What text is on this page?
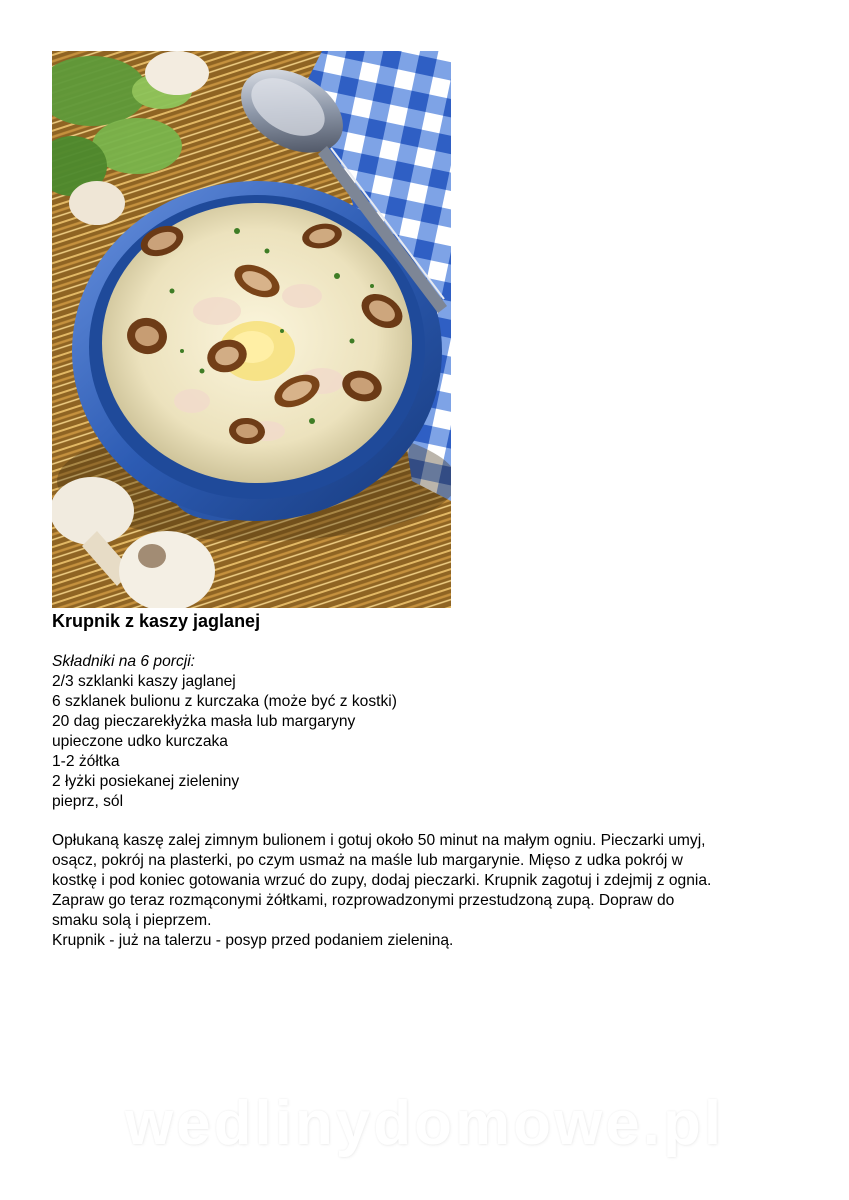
Krupnik z kaszy jaglanej
Składniki na 6 porcji:
2/3 szklanki kaszy jaglanej
6 szklanek bulionu z kurczaka (może być z kostki)
20 dag pieczarekłyżka masła lub margaryny
upieczone udko kurczaka
1-2 żółtka
2 łyżki posiekanej zieleniny
pieprz, sól
Opłukaną kaszę zalej zimnym bulionem i gotuj około 50 minut na małym ogniu. Pieczarki umyj,
osącz, pokrój na plasterki, po czym usmaż na maśle lub margarynie. Mięso z udka pokrój w
kostkę i pod koniec gotowania wrzuć do zupy, dodaj pieczarki. Krupnik zagotuj i zdejmij z ognia.
Zapraw go teraz rozmąconymi żółtkami, rozprowadzonymi przestudzoną zupą. Dopraw do
smaku solą i pieprzem.
Krupnik - już na talerzu - posyp przed podaniem zieleniną.
wedlinydomowe.pl
